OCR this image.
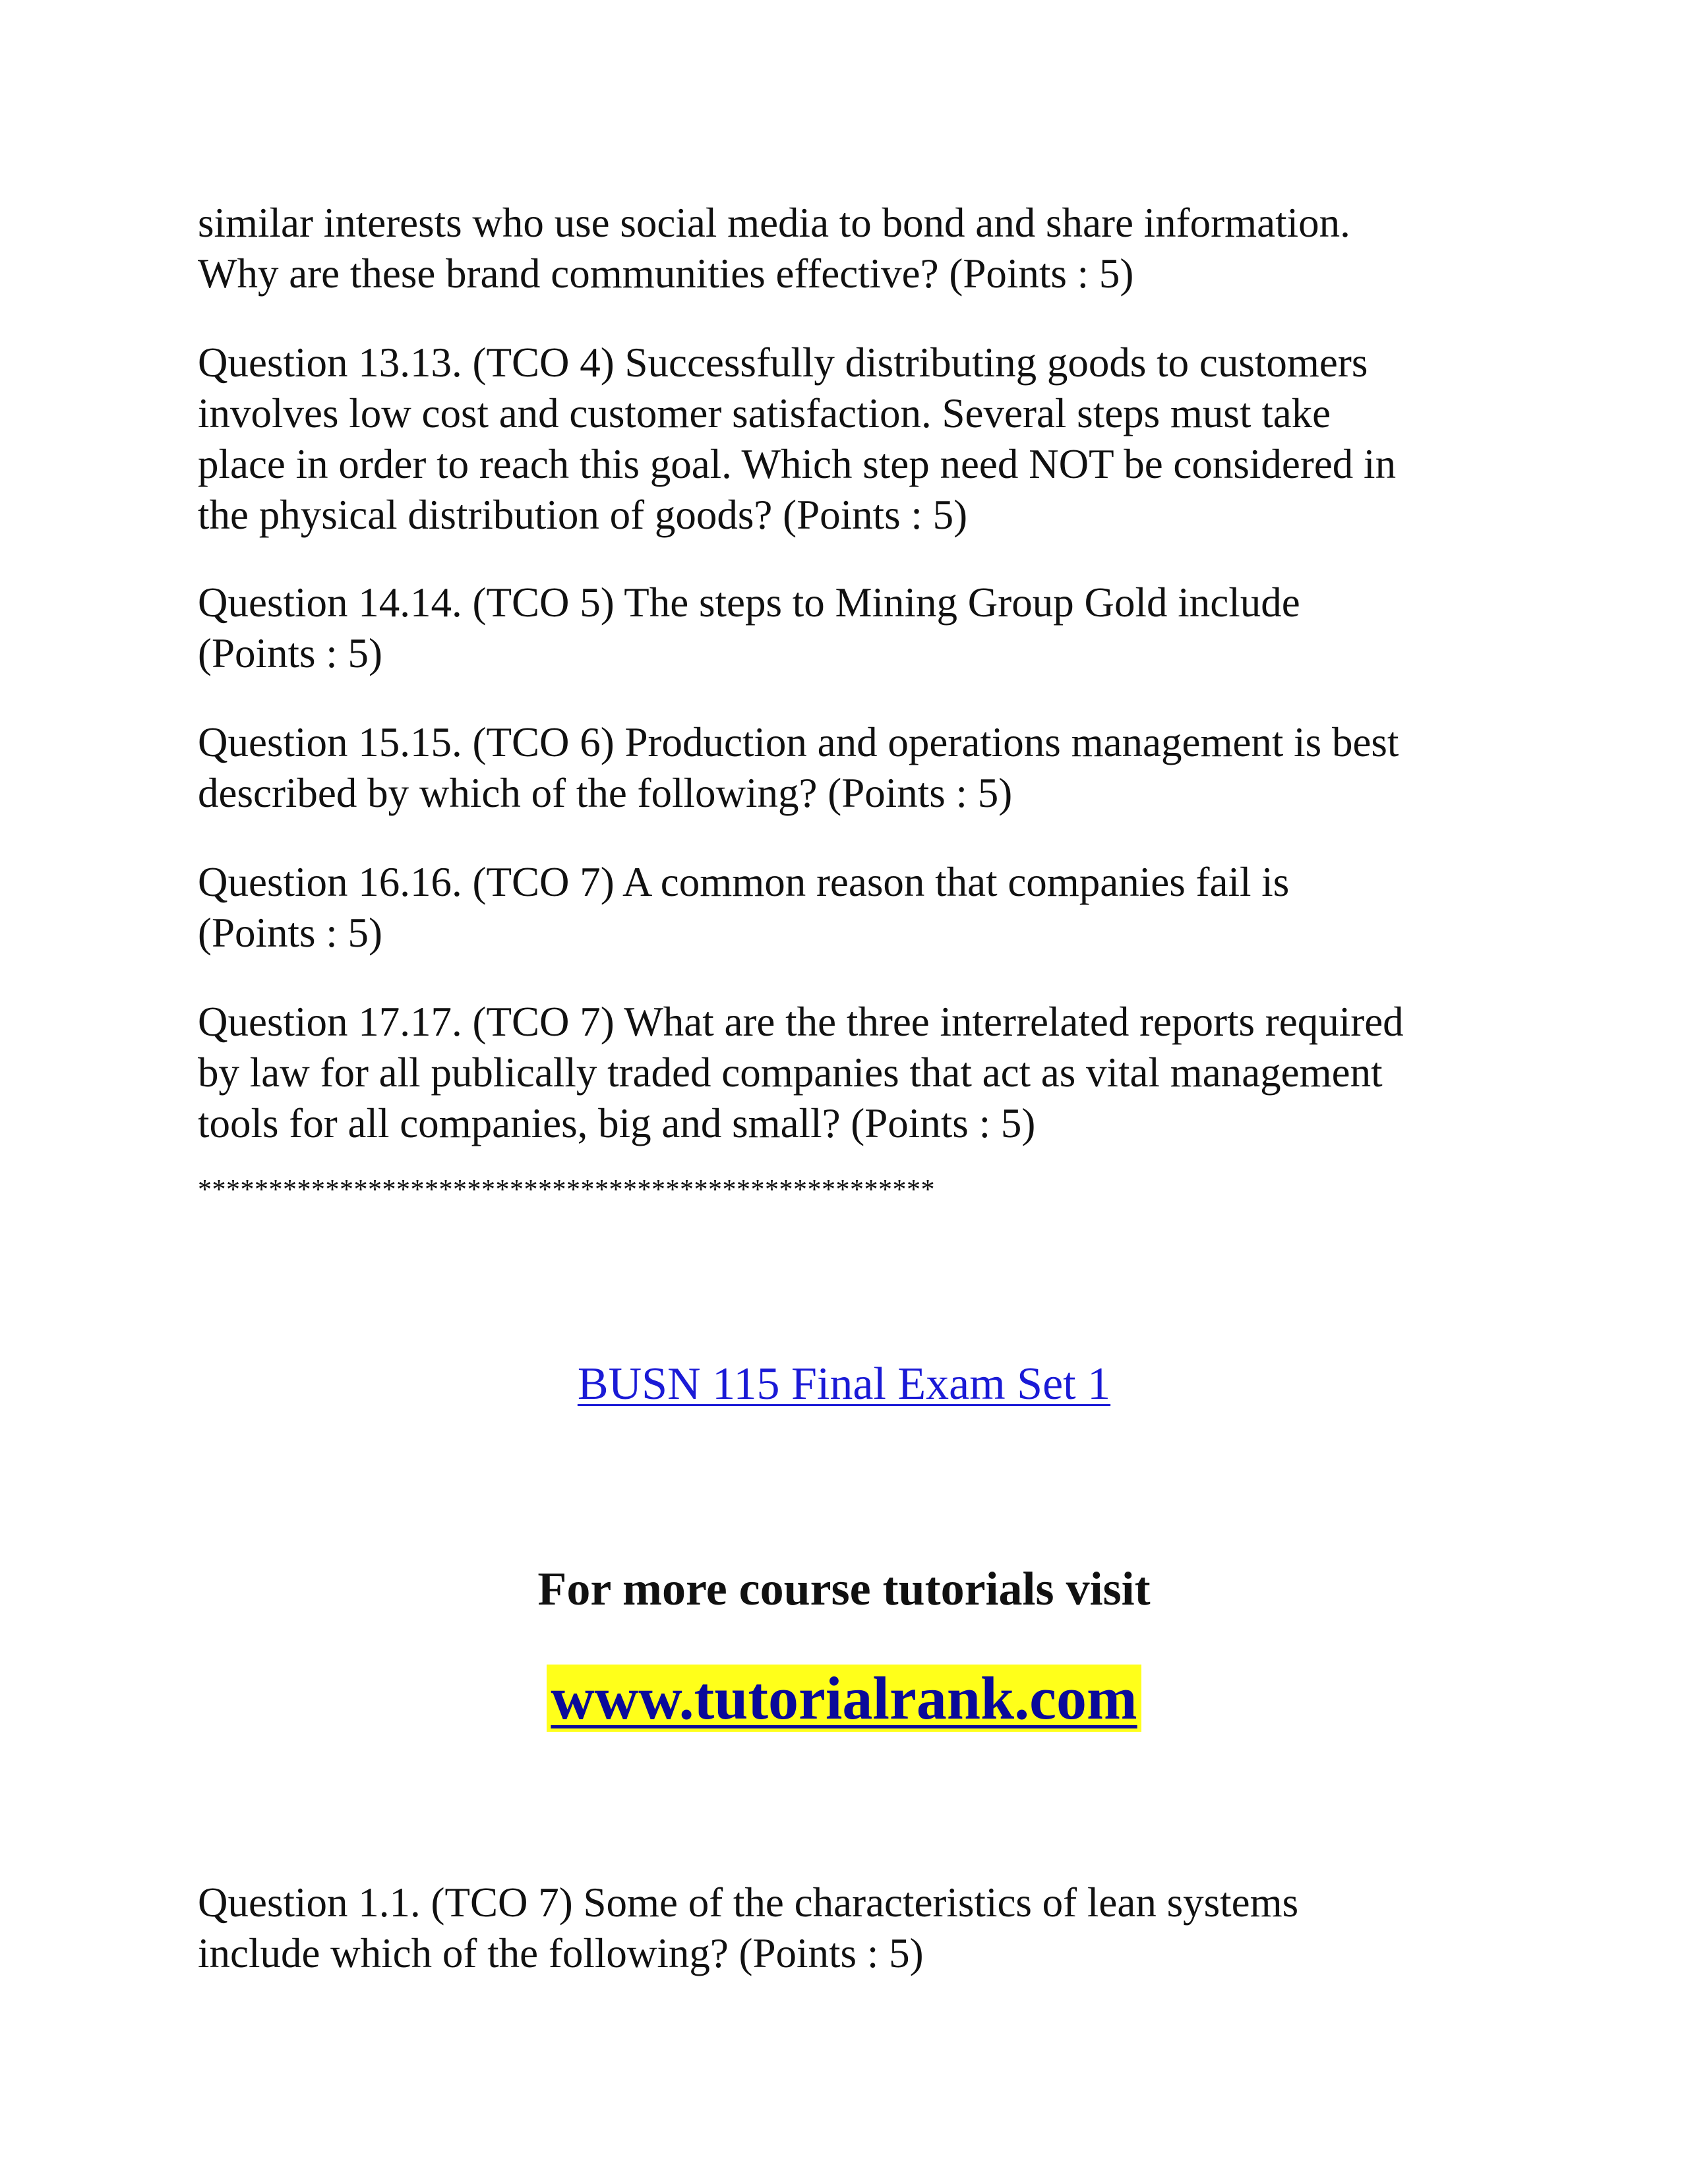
similar interests who use social media to bond and share information.
Why are these brand communities effective? (Points : 5)

Question 13.13. (TCO 4) Successfully distributing goods to customers
involves low cost and customer satisfaction. Several steps must take
place in order to reach this goal. Which step need NOT be considered in
the physical distribution of goods? (Points : 5)

Question 14.14. (TCO 5) The steps to Mining Group Gold include
(Points : 5)

Question 15.15. (TCO 6) Production and operations management is best
described by which of the following? (Points : 5)

Question 16.16. (TCO 7) A common reason that companies fail is
(Points : 5)

Question 17.17. (TCO 7) What are the three interrelated reports required
by law for all publically traded companies that act as vital management
tools for all companies, big and small? (Points : 5)

****************************************************

Question 1.1. (TCO 7) Some of the characteristics of lean systems
include which of the following? (Points : 5)

BUSN 115 Final Exam Set 1
For more course tutorials visit
www.tutorialrank.com
